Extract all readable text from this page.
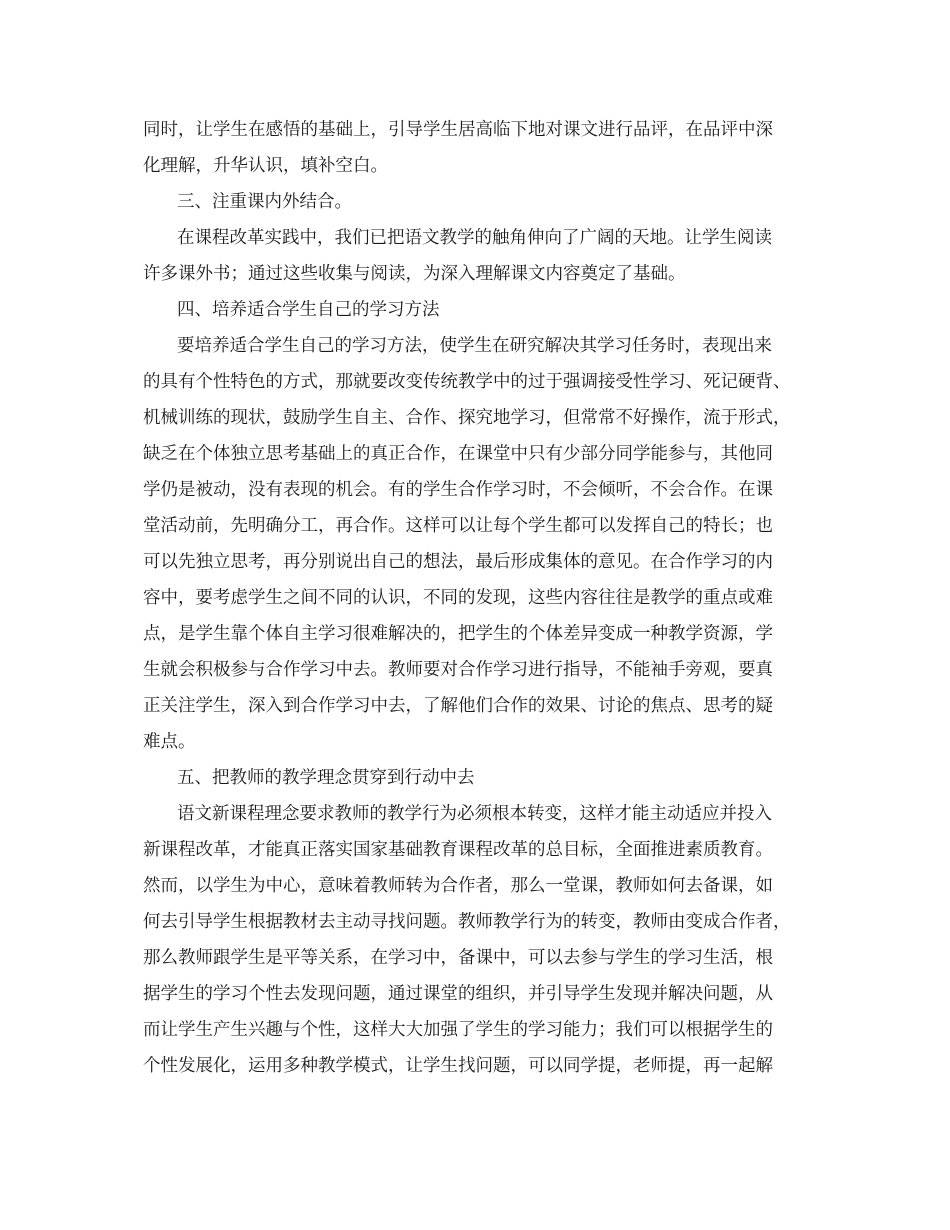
同时，让学生在感悟的基础上，引导学生居高临下地对课文进行品评，在品评中深
化理解，升华认识，填补空白。
三、注重课内外结合。
在课程改革实践中，我们已把语文教学的触角伸向了广阔的天地。让学生阅读
许多课外书；通过这些收集与阅读，为深入理解课文内容奠定了基础。
四、培养适合学生自己的学习方法
要培养适合学生自己的学习方法，使学生在研究解决其学习任务时，表现出来
的具有个性特色的方式，那就要改变传统教学中的过于强调接受性学习、死记硬背、
机械训练的现状，鼓励学生自主、合作、探究地学习，但常常不好操作，流于形式，
缺乏在个体独立思考基础上的真正合作，在课堂中只有少部分同学能参与，其他同
学仍是被动，没有表现的机会。有的学生合作学习时，不会倾听，不会合作。在课
堂活动前，先明确分工，再合作。这样可以让每个学生都可以发挥自己的特长；也
可以先独立思考，再分别说出自己的想法，最后形成集体的意见。在合作学习的内
容中，要考虑学生之间不同的认识，不同的发现，这些内容往往是教学的重点或难
点，是学生靠个体自主学习很难解决的，把学生的个体差异变成一种教学资源，学
生就会积极参与合作学习中去。教师要对合作学习进行指导，不能袖手旁观，要真
正关注学生，深入到合作学习中去，了解他们合作的效果、讨论的焦点、思考的疑
难点。
五、把教师的教学理念贯穿到行动中去
语文新课程理念要求教师的教学行为必须根本转变，这样才能主动适应并投入
新课程改革，才能真正落实国家基础教育课程改革的总目标，全面推进素质教育。
然而，以学生为中心，意味着教师转为合作者，那么一堂课，教师如何去备课，如
何去引导学生根据教材去主动寻找问题。教师教学行为的转变，教师由变成合作者，
那么教师跟学生是平等关系，在学习中，备课中，可以去参与学生的学习生活，根
据学生的学习个性去发现问题，通过课堂的组织，并引导学生发现并解决问题，从
而让学生产生兴趣与个性，这样大大加强了学生的学习能力；我们可以根据学生的
个性发展化，运用多种教学模式，让学生找问题，可以同学提，老师提，再一起解
